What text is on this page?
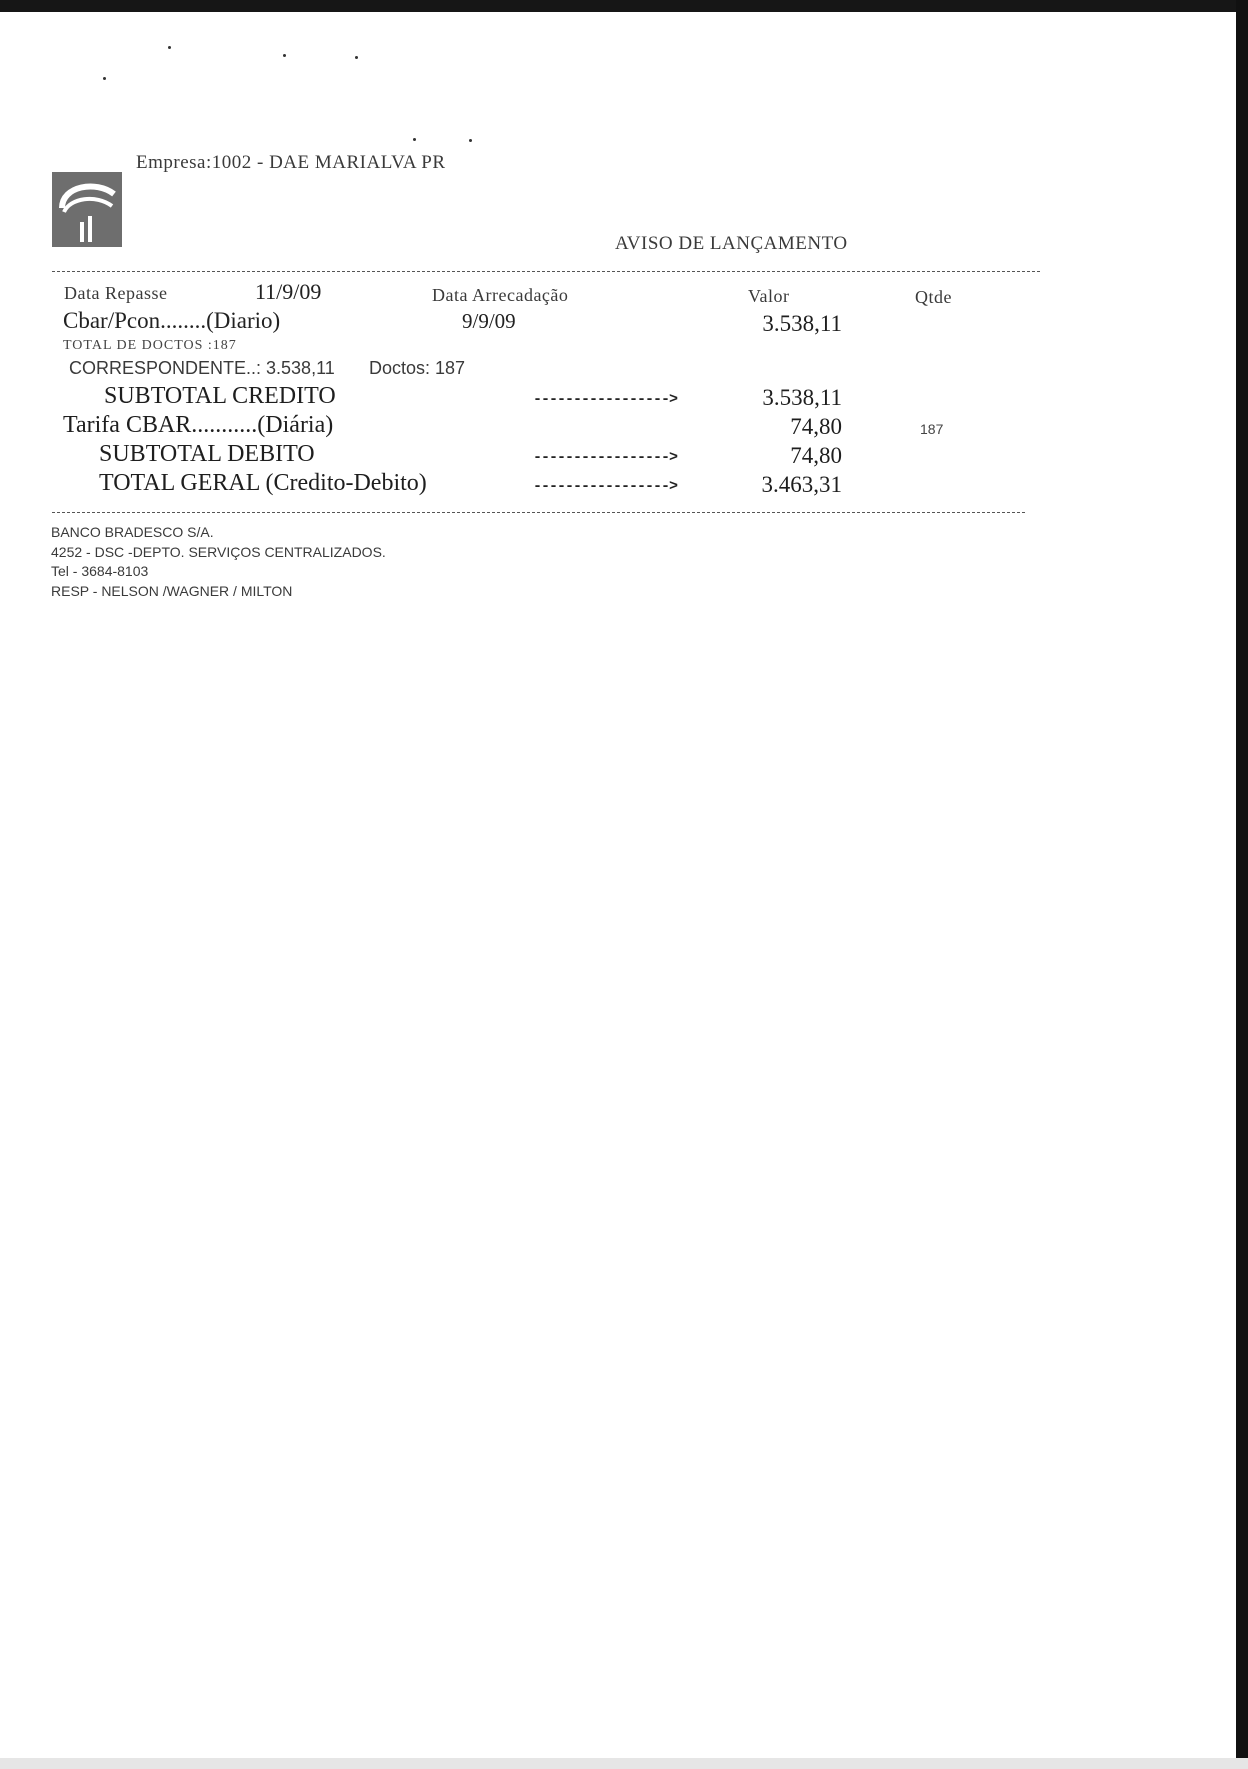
Empresa:1002 - DAE MARIALVA PR
AVISO DE LANÇAMENTO
Data Repasse	11/9/09	Data Arrecadação	Valor	Qtde
Cbar/Pcon........(Diario)	9/9/09	3.538,11
TOTAL DE DOCTOS :187
CORRESPONDENTE..: 3.538,11 Doctos: 187
SUBTOTAL CREDITO	----------------->	3.538,11
Tarifa CBAR...........(Diária)	74,80	187
SUBTOTAL DEBITO	----------------->	74,80
TOTAL GERAL (Credito-Debito)	----------------->	3.463,31
BANCO BRADESCO S/A.
4252 - DSC -DEPTO. SERVIÇOS CENTRALIZADOS.
Tel - 3684-8103
RESP - NELSON /WAGNER / MILTON
